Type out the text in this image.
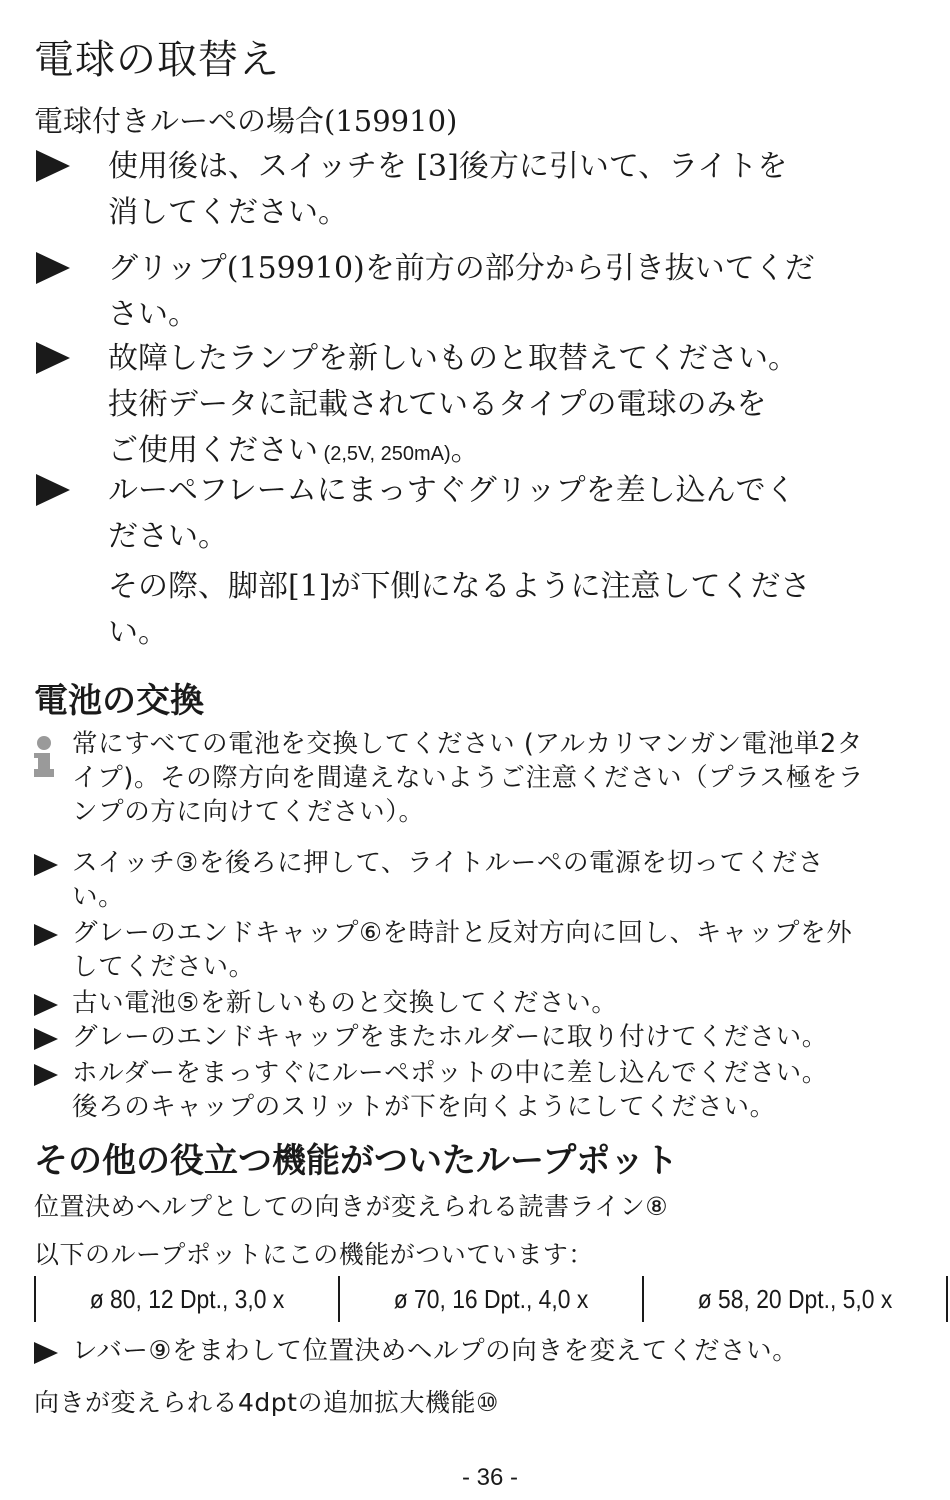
電球の取替え
電球付きルーペの場合(159910)
使用後は、スイッチを [3]後方に引いて、ライトを
消してください。
グリップ(159910)を前方の部分から引き抜いてくだ
さい。
故障したランプを新しいものと取替えてください。
技術データに記載されているタイプの電球のみを
ご使用ください (2,5V, 250mA)。
ルーペフレームにまっすぐグリップを差し込んでく
ださい。
その際、脚部[1]が下側になるように注意してくださ
い。
電池の交換
常にすべての電池を交換してください (アルカリマンガン電池単2タ
イプ)。その際方向を間違えないようご注意ください（プラス極をラ
ンプの方に向けてください）。
スイッチ③を後ろに押して、ライトルーペの電源を切ってくださ
い。
グレーのエンドキャップ⑥を時計と反対方向に回し、キャップを外
してください。
古い電池⑤を新しいものと交換してください。
グレーのエンドキャップをまたホルダーに取り付けてください。
ホルダーをまっすぐにルーペポットの中に差し込んでください。
後ろのキャップのスリットが下を向くようにしてください。
その他の役立つ機能がついたループポット
位置決めヘルプとしての向きが変えられる読書ライン⑧
以下のループポットにこの機能がついています：
ø 80, 12 Dpt., 3,0 x	ø 70, 16 Dpt., 4,0 x	ø 58, 20 Dpt., 5,0 x
レバー⑨をまわして位置決めヘルプの向きを変えてください。
向きが変えられる4dptの追加拡大機能⑩
- 36 -
